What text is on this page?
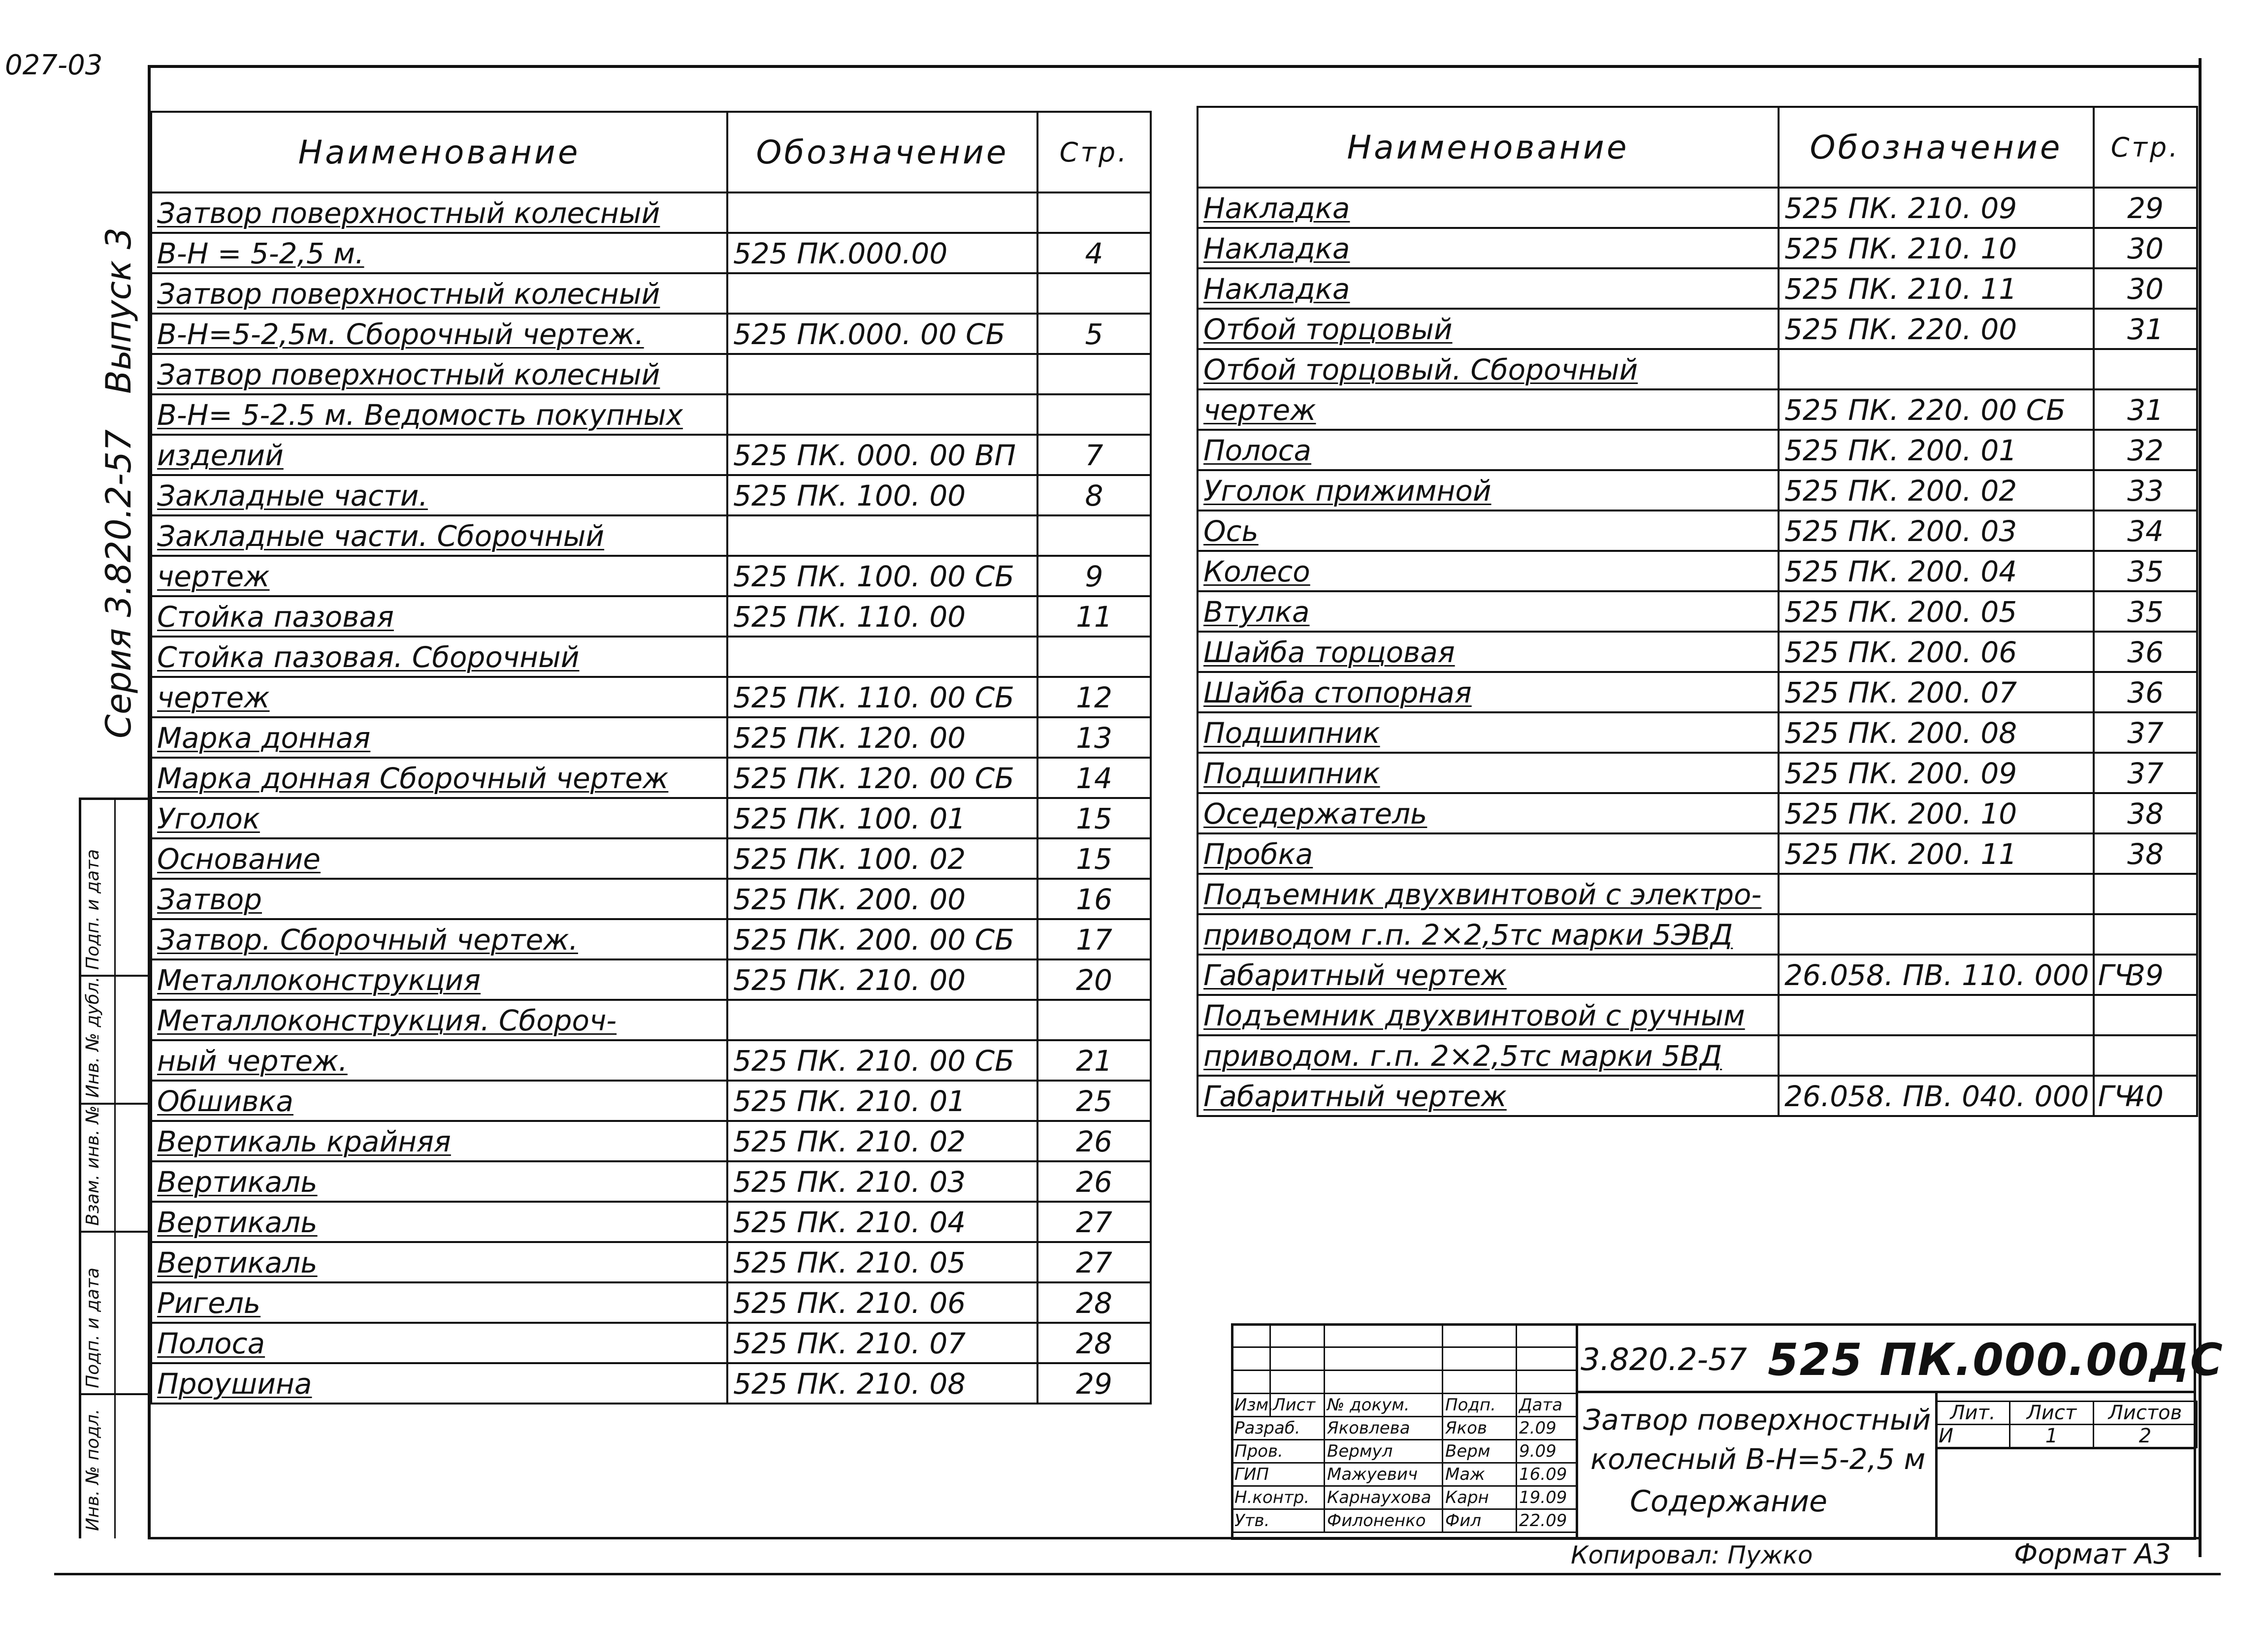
027-03
Серия 3.820.2-57
Выпуск 3
Подп. и дата
Инв. № дубл.
Взам. инв. №
Подп. и дата
Инв. № подл.
Наименование	Обозначение	Стр.
Затвор поверхностный колесный		
В-Н = 5-2,5 м.	525 ПК.000.00	4
Затвор поверхностный колесный		
В-Н=5-2,5м. Сборочный чертеж.	525 ПК.000. 00 СБ	5
Затвор поверхностный колесный		
В-Н= 5-2.5 м. Ведомость покупных		
изделий	525 ПК. 000. 00 ВП	7
Закладные части.	525 ПК. 100. 00	8
Закладные части. Сборочный		
чертеж	525 ПК. 100. 00 СБ	9
Стойка пазовая	525 ПК. 110. 00	11
Стойка пазовая. Сборочный		
чертеж	525 ПК. 110. 00 СБ	12
Марка донная	525 ПК. 120. 00	13
Марка донная Сборочный чертеж	525 ПК. 120. 00 СБ	14
Уголок	525 ПК. 100. 01	15
Основание	525 ПК. 100. 02	15
Затвор	525 ПК. 200. 00	16
Затвор. Сборочный чертеж.	525 ПК. 200. 00 СБ	17
Металлоконструкция	525 ПК. 210. 00	20
Металлоконструкция. Сбороч-		
ный чертеж.	525 ПК. 210. 00 СБ	21
Обшивка	525 ПК. 210. 01	25
Вертикаль крайняя	525 ПК. 210. 02	26
Вертикаль	525 ПК. 210. 03	26
Вертикаль	525 ПК. 210. 04	27
Вертикаль	525 ПК. 210. 05	27
Ригель	525 ПК. 210. 06	28
Полоса	525 ПК. 210. 07	28
Проушина	525 ПК. 210. 08	29
Наименование	Обозначение	Стр.
Накладка	525 ПК. 210. 09	29
Накладка	525 ПК. 210. 10	30
Накладка	525 ПК. 210. 11	30
Отбой торцовый	525 ПК. 220. 00	31
Отбой торцовый. Сборочный		
чертеж	525 ПК. 220. 00 СБ	31
Полоса	525 ПК. 200. 01	32
Уголок прижимной	525 ПК. 200. 02	33
Ось	525 ПК. 200. 03	34
Колесо	525 ПК. 200. 04	35
Втулка	525 ПК. 200. 05	35
Шайба торцовая	525 ПК. 200. 06	36
Шайба стопорная	525 ПК. 200. 07	36
Подшипник	525 ПК. 200. 08	37
Подшипник	525 ПК. 200. 09	37
Оседержатель	525 ПК. 200. 10	38
Пробка	525 ПК. 200. 11	38
Подъемник двухвинтовой с электро-		
приводом г.п. 2×2,5тс марки 5ЭВД		
Габаритный чертеж	26.058. ПВ. 110. 000 ГЧ	39
Подъемник двухвинтовой с ручным		
приводом. г.п. 2×2,5тс марки 5ВД		
Габаритный чертеж	26.058. ПВ. 040. 000 ГЧ	40

Изм.	Лист	№ докум.	Подп.	Дата
Разраб.		Яковлева	Яков	2.09
Пров.		Вермул	Верм	9.09
ГИП		Мажуевич	Маж	16.09
Н.контр.		Карнаухова	Карн	19.09
Утв.		Филоненко	Фил	22.09
3.820.2-57 525 ПК.000.00ДС
Затвор поверхностный
колесный В-Н=5-2,5 м
Содержание
Лит.	Лист	Листов
И	1	2
Копировал: Пужко	Формат А3
